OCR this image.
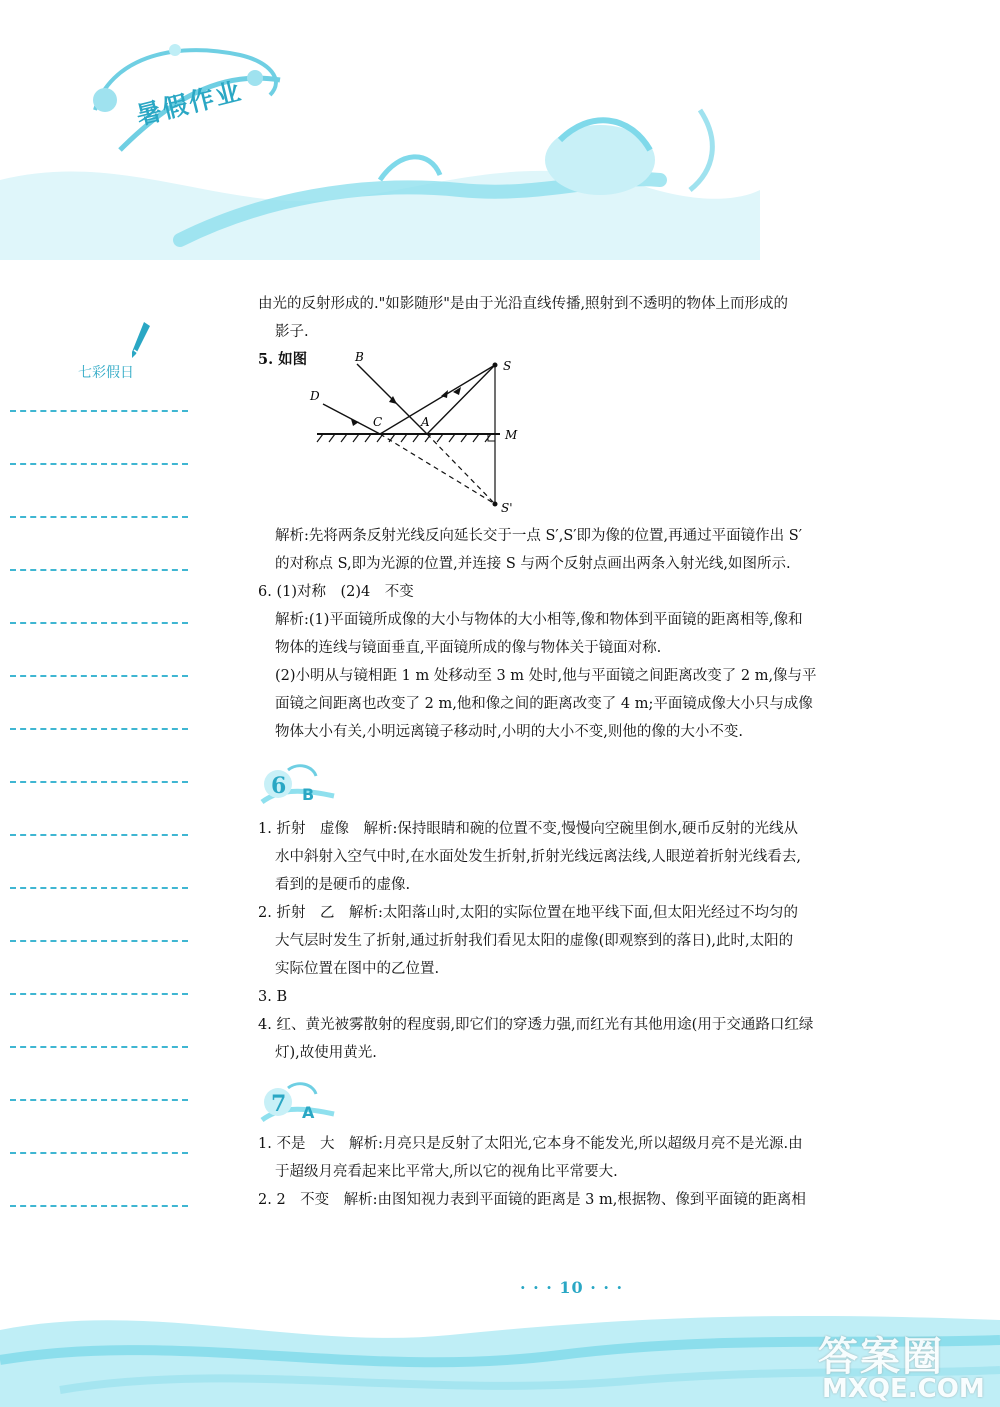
暑假作业
七彩假日
由光的反射形成的."如影随形"是由于光沿直线传播,照射到不透明的物体上而形成的
影子.
5. 如图	B
S
D
C	A
M
S'
解析:先将两条反射光线反向延长交于一点 S′,S′即为像的位置,再通过平面镜作出 S′
的对称点 S,即为光源的位置,并连接 S 与两个反射点画出两条入射光线,如图所示.
6. (1)对称　(2)4　不变
解析:(1)平面镜所成像的大小与物体的大小相等,像和物体到平面镜的距离相等,像和
物体的连线与镜面垂直,平面镜所成的像与物体关于镜面对称.
(2)小明从与镜相距 1 m 处移动至 3 m 处时,他与平面镜之间距离改变了 2 m,像与平
面镜之间距离也改变了 2 m,他和像之间的距离改变了 4 m;平面镜成像大小只与成像
物体大小有关,小明远离镜子移动时,小明的大小不变,则他的像的大小不变.
6 B
1. 折射　虚像　解析:保持眼睛和碗的位置不变,慢慢向空碗里倒水,硬币反射的光线从
水中斜射入空气中时,在水面处发生折射,折射光线远离法线,人眼逆着折射光线看去,
看到的是硬币的虚像.
2. 折射　乙　解析:太阳落山时,太阳的实际位置在地平线下面,但太阳光经过不均匀的
大气层时发生了折射,通过折射我们看见太阳的虚像(即观察到的落日),此时,太阳的
实际位置在图中的乙位置.
3. B
4. 红、黄光被雾散射的程度弱,即它们的穿透力强,而红光有其他用途(用于交通路口红绿
灯),故使用黄光.
7 A
1. 不是　大　解析:月亮只是反射了太阳光,它本身不能发光,所以超级月亮不是光源.由
于超级月亮看起来比平常大,所以它的视角比平常要大.
2. 2　不变　解析:由图知视力表到平面镜的距离是 3 m,根据物、像到平面镜的距离相
· · · 10 · · ·
答案圈
MXQE.COM
